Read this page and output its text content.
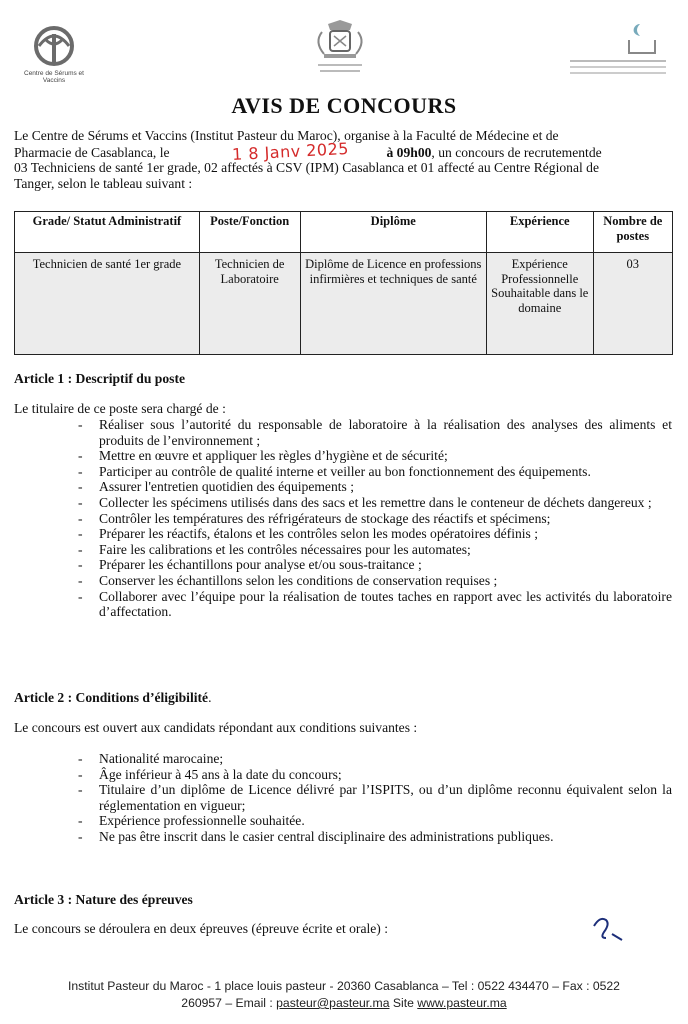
Centre de Sérums et Vaccins
AVIS DE CONCOURS
Le Centre de Sérums et Vaccins (Institut Pasteur du Maroc), organise à la Faculté de Médecine et de
Pharmacie de Casablanca, le	1 8 Janv 2025	à 09h00, un concours de recrutementde
03 Techniciens de santé 1er grade, 02 affectés à CSV (IPM) Casablanca et 01 affecté au Centre Régional de
Tanger, selon le tableau suivant :
Grade/ Statut Administratif	Poste/Fonction	Diplôme	Expérience	Nombre de postes
Technicien de santé 1er grade	Technicien de Laboratoire	Diplôme de Licence en professions infirmières et techniques de santé	Expérience Professionnelle Souhaitable dans le domaine	03
Article 1 : Descriptif du poste
Le titulaire de ce poste sera chargé de :
- Réaliser sous l’autorité du responsable de laboratoire à la réalisation des analyses des aliments et produits de l’environnement ;
- Mettre en œuvre et appliquer les règles d’hygiène et de sécurité;
- Participer au contrôle de qualité interne et veiller au bon fonctionnement des équipements.
- Assurer l'entretien quotidien des équipements ;
- Collecter les spécimens utilisés dans des sacs et les remettre dans le conteneur de déchets dangereux ;
- Contrôler les températures des réfrigérateurs de stockage des réactifs et spécimens;
- Préparer les réactifs, étalons et les contrôles selon les modes opératoires définis ;
- Faire les calibrations et les contrôles nécessaires pour les automates;
- Préparer les échantillons pour analyse et/ou sous-traitance ;
- Conserver les échantillons selon les conditions de conservation requises ;
- Collaborer avec l’équipe pour la réalisation de toutes taches en rapport avec les activités du laboratoire d’affectation.
Article 2 : Conditions d’éligibilité.
Le concours est ouvert aux candidats répondant aux conditions suivantes :
- Nationalité marocaine;
- Âge inférieur à 45 ans à la date du concours;
- Titulaire d’un diplôme de Licence délivré par l’ISPITS, ou d’un diplôme reconnu équivalent selon la réglementation en vigueur;
- Expérience professionnelle souhaitée.
- Ne pas être inscrit dans le casier central disciplinaire des administrations publiques.
Article 3 : Nature des épreuves
Le concours se déroulera en deux épreuves (épreuve écrite et orale) :
Institut Pasteur du Maroc - 1 place louis pasteur - 20360 Casablanca – Tel : 0522 434470 – Fax : 0522
260957 – Email : pasteur@pasteur.ma Site www.pasteur.ma
